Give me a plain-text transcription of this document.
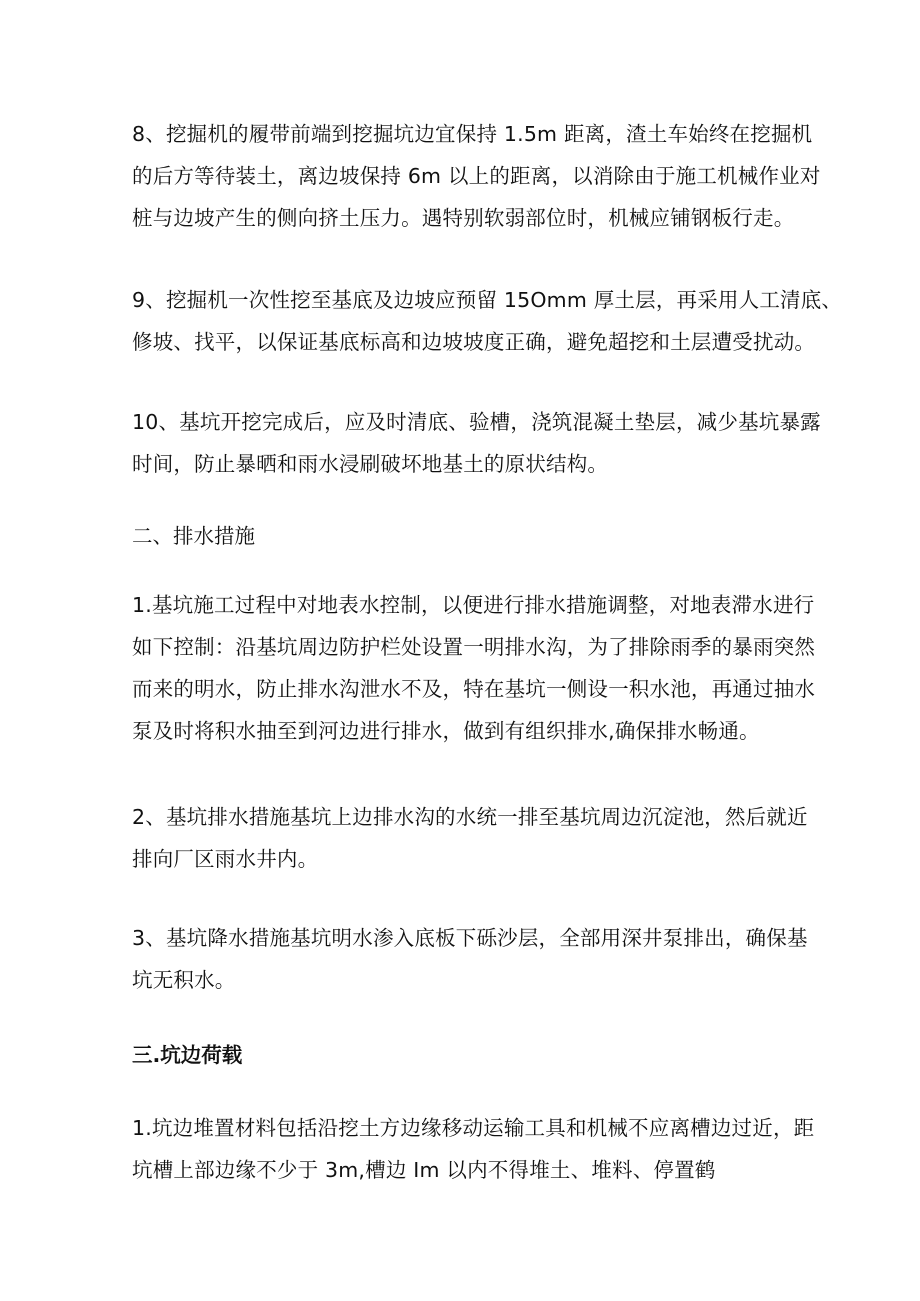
8、挖掘机的履带前端到挖掘坑边宜保持 1.5m 距离，渣土车始终在挖掘机
的后方等待装土，离边坡保持 6m 以上的距离，以消除由于施工机械作业对
桩与边坡产生的侧向挤土压力。遇特别软弱部位时，机械应铺钢板行走。

9、挖掘机一次性挖至基底及边坡应预留 15Omm 厚土层，再采用人工清底、
修坡、找平，以保证基底标高和边坡坡度正确，避免超挖和土层遭受扰动。

10、基坑开挖完成后，应及时清底、验槽，浇筑混凝土垫层，减少基坑暴露
时间，防止暴晒和雨水浸刷破坏地基土的原状结构。

二、排水措施

1.基坑施工过程中对地表水控制，以便进行排水措施调整，对地表滞水进行
如下控制：沿基坑周边防护栏处设置一明排水沟，为了排除雨季的暴雨突然
而来的明水，防止排水沟泄水不及，特在基坑一侧设一积水池，再通过抽水
泵及时将积水抽至到河边进行排水，做到有组织排水,确保排水畅通。

2、基坑排水措施基坑上边排水沟的水统一排至基坑周边沉淀池，然后就近
排向厂区雨水井内。

3、基坑降水措施基坑明水渗入底板下砾沙层，全部用深井泵排出，确保基
坑无积水。

三.坑边荷载

1.坑边堆置材料包括沿挖土方边缘移动运输工具和机械不应离槽边过近，距
坑槽上部边缘不少于 3m,槽边 Im 以内不得堆土、堆料、停置鹤
